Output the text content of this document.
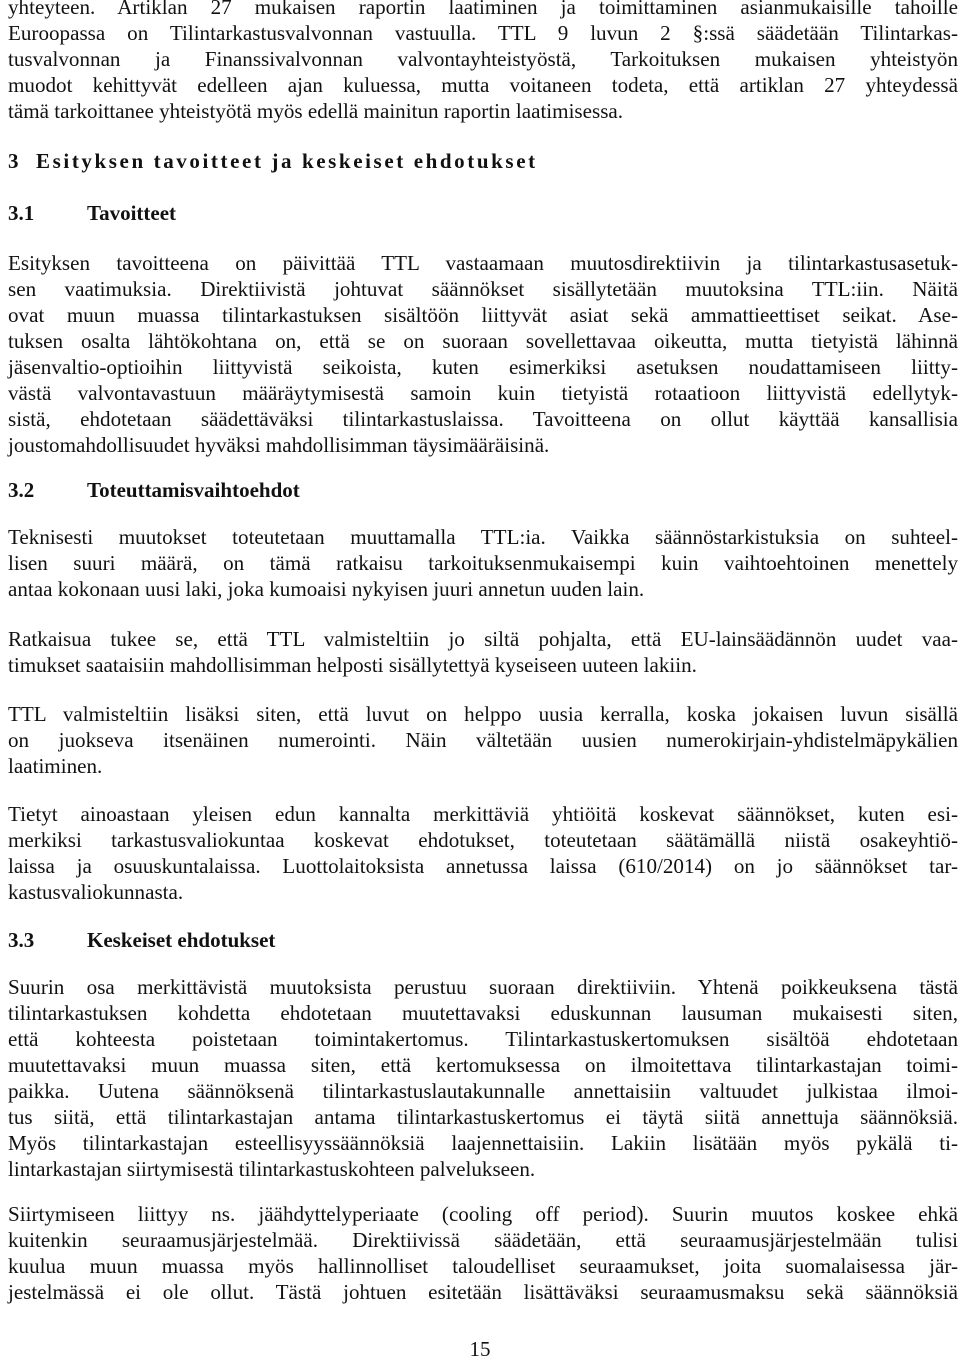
yhteyteen. Artiklan 27 mukaisen raportin laatiminen ja toimittaminen asianmukaisille tahoille
Euroopassa on Tilintarkastusvalvonnan vastuulla. TTL 9 luvun 2 §:ssä säädetään Tilintarkas-
tusvalvonnan ja Finanssivalvonnan valvontayhteistyöstä, Tarkoituksen mukaisen yhteistyön
muodot kehittyvät edelleen ajan kuluessa, mutta voitaneen todeta, että artiklan 27 yhteydessä
tämä tarkoittanee yhteistyötä myös edellä mainitun raportin laatimisessa.
3 Esityksen tavoitteet ja keskeiset ehdotukset
3.1	Tavoitteet
Esityksen tavoitteena on päivittää TTL vastaamaan muutosdirektiivin ja tilintarkastusasetuk-
sen vaatimuksia. Direktiivistä johtuvat säännökset sisällytetään muutoksina TTL:iin. Näitä
ovat muun muassa tilintarkastuksen sisältöön liittyvät asiat sekä ammattieettiset seikat. Ase-
tuksen osalta lähtökohtana on, että se on suoraan sovellettavaa oikeutta, mutta tietyistä lähinnä
jäsenvaltio-optioihin liittyvistä seikoista, kuten esimerkiksi asetuksen noudattamiseen liitty-
västä valvontavastuun määräytymisestä samoin kuin tietyistä rotaatioon liittyvistä edellytyk-
sistä, ehdotetaan säädettäväksi tilintarkastuslaissa. Tavoitteena on ollut käyttää kansallisia
joustomahdollisuudet hyväksi mahdollisimman täysimääräisinä.
3.2	Toteuttamisvaihtoehdot
Teknisesti muutokset toteutetaan muuttamalla TTL:ia. Vaikka säännöstarkistuksia on suhteel-
lisen suuri määrä, on tämä ratkaisu tarkoituksenmukaisempi kuin vaihtoehtoinen menettely
antaa kokonaan uusi laki, joka kumoaisi nykyisen juuri annetun uuden lain.
Ratkaisua tukee se, että TTL valmisteltiin jo siltä pohjalta, että EU-lainsäädännön uudet vaa-
timukset saataisiin mahdollisimman helposti sisällytettyä kyseiseen uuteen lakiin.
TTL valmisteltiin lisäksi siten, että luvut on helppo uusia kerralla, koska jokaisen luvun sisällä
on juokseva itsenäinen numerointi. Näin vältetään uusien numerokirjain-yhdistelmäpykälien
laatiminen.
Tietyt ainoastaan yleisen edun kannalta merkittäviä yhtiöitä koskevat säännökset, kuten esi-
merkiksi tarkastusvaliokuntaa koskevat ehdotukset, toteutetaan säätämällä niistä osakeyhtiö-
laissa ja osuuskuntalaissa. Luottolaitoksista annetussa laissa (610/2014) on jo säännökset tar-
kastusvaliokunnasta.
3.3	Keskeiset ehdotukset
Suurin osa merkittävistä muutoksista perustuu suoraan direktiiviin. Yhtenä poikkeuksena tästä
tilintarkastuksen kohdetta ehdotetaan muutettavaksi eduskunnan lausuman mukaisesti siten,
että kohteesta poistetaan toimintakertomus. Tilintarkastuskertomuksen sisältöä ehdotetaan
muutettavaksi muun muassa siten, että kertomuksessa on ilmoitettava tilintarkastajan toimi-
paikka. Uutena säännöksenä tilintarkastuslautakunnalle annettaisiin valtuudet julkistaa ilmoi-
tus siitä, että tilintarkastajan antama tilintarkastuskertomus ei täytä siitä annettuja säännöksiä.
Myös tilintarkastajan esteellisyyssäännöksiä laajennettaisiin. Lakiin lisätään myös pykälä ti-
lintarkastajan siirtymisestä tilintarkastuskohteen palvelukseen.
Siirtymiseen liittyy ns. jäähdyttelyperiaate (cooling off period). Suurin muutos koskee ehkä
kuitenkin seuraamusjärjestelmää. Direktiivissä säädetään, että seuraamusjärjestelmään tulisi
kuulua muun muassa myös hallinnolliset taloudelliset seuraamukset, joita suomalaisessa jär-
jestelmässä ei ole ollut. Tästä johtuen esitetään lisättäväksi seuraamusmaksu sekä säännöksiä
15
